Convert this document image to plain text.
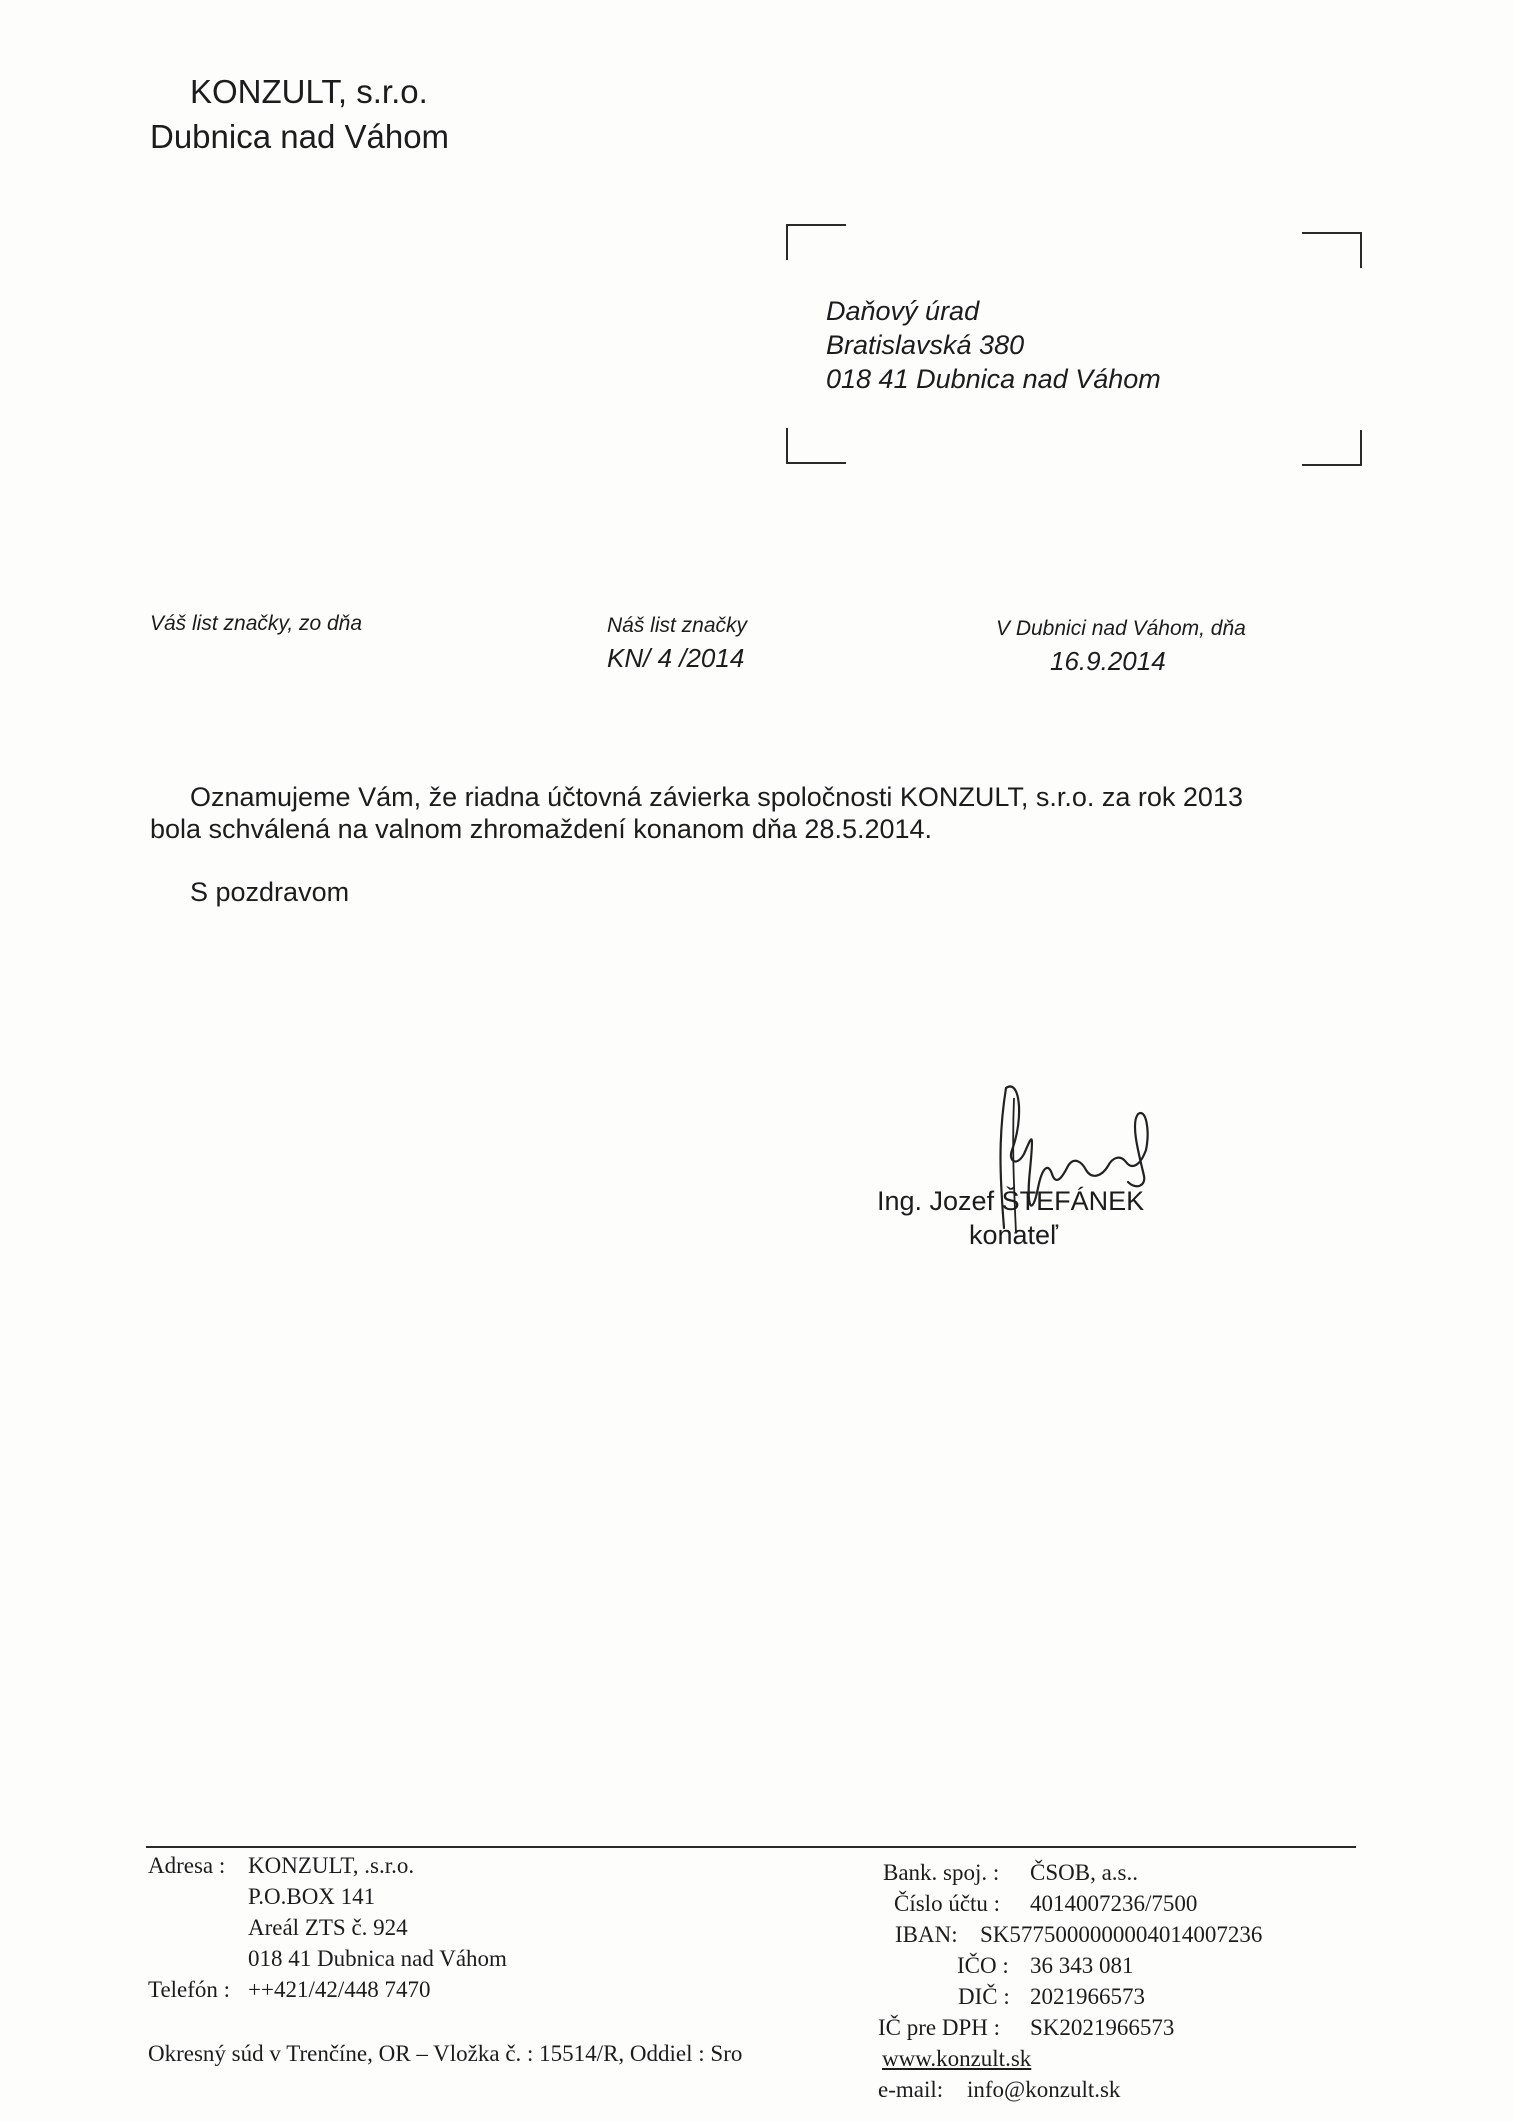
KONZULT, s.r.o.
Dubnica nad Váhom
Daňový úrad
Bratislavská 380
018 41 Dubnica nad Váhom
Váš list značky, zo dňa	Náš list značky
KN/ 4 /2014
V Dubnici nad Váhom, dňa
16.9.2014
Oznamujeme Vám, že riadna účtovná závierka spoločnosti KONZULT, s.r.o. za rok 2013
bola schválená na valnom zhromaždení konanom dňa 28.5.2014.
S pozdravom
Ing. Jozef ŠTEFÁNEK
konateľ
Adresa : KONZULT, .s.r.o.
P.O.BOX 141
Areál ZTS č. 924
018 41 Dubnica nad Váhom
Telefón : ++421/42/448 7470
Okresný súd v Trenčíne, OR – Vložka č. : 15514/R, Oddiel : Sro
Bank. spoj. : ČSOB, a.s..
Číslo účtu : 4014007236/7500
IBAN: SK5775000000004014007236
IČO : 36 343 081
DIČ : 2021966573
IČ pre DPH : SK2021966573
www.konzult.sk
e-mail: info@konzult.sk
